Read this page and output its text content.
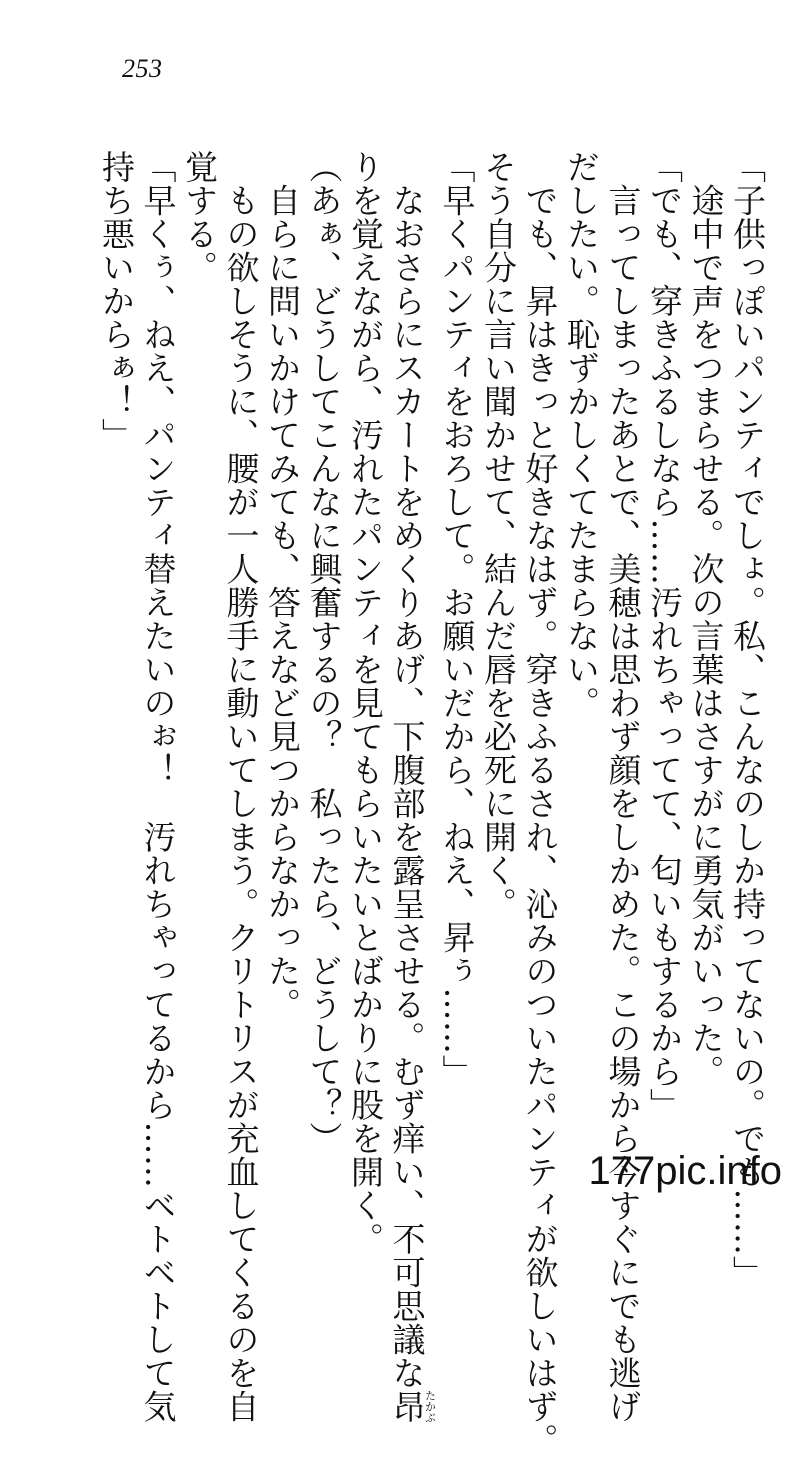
253
「子供っぽいパンティでしょ。私、こんなのしか持ってないの。でも……」
　途中で声をつまらせる。次の言葉はさすがに勇気がいった。
「でも、穿きふるしなら……汚れちゃってて、匂いもするから」
　言ってしまったあとで、美穂は思わず顔をしかめた。この場から今すぐにでも逃げ
だしたい。恥ずかしくてたまらない。
　でも、昇はきっと好きなはず。穿きふるされ、沁みのついたパンティが欲しいはず。
そう自分に言い聞かせて、結んだ唇を必死に開く。
「早くパンティをおろして。お願いだから、ねえ、昇ぅ……」
　なおさらにスカートをめくりあげ、下腹部を露呈させる。むず痒い、不可思議な昂たかぶ
りを覚えながら、汚れたパンティを見てもらいたいとばかりに股を開く。
（あぁ、どうしてこんなに興奮するの？　私ったら、どうして？）
　自らに問いかけてみても、答えなど見つからなかった。
　もの欲しそうに、腰が一人勝手に動いてしまう。クリトリスが充血してくるのを自
覚する。
「早くぅ、ねえ、パンティ替えたいのぉ！　汚れちゃってるから……ベトベトして気
持ち悪いからぁ！」
177pic.info
